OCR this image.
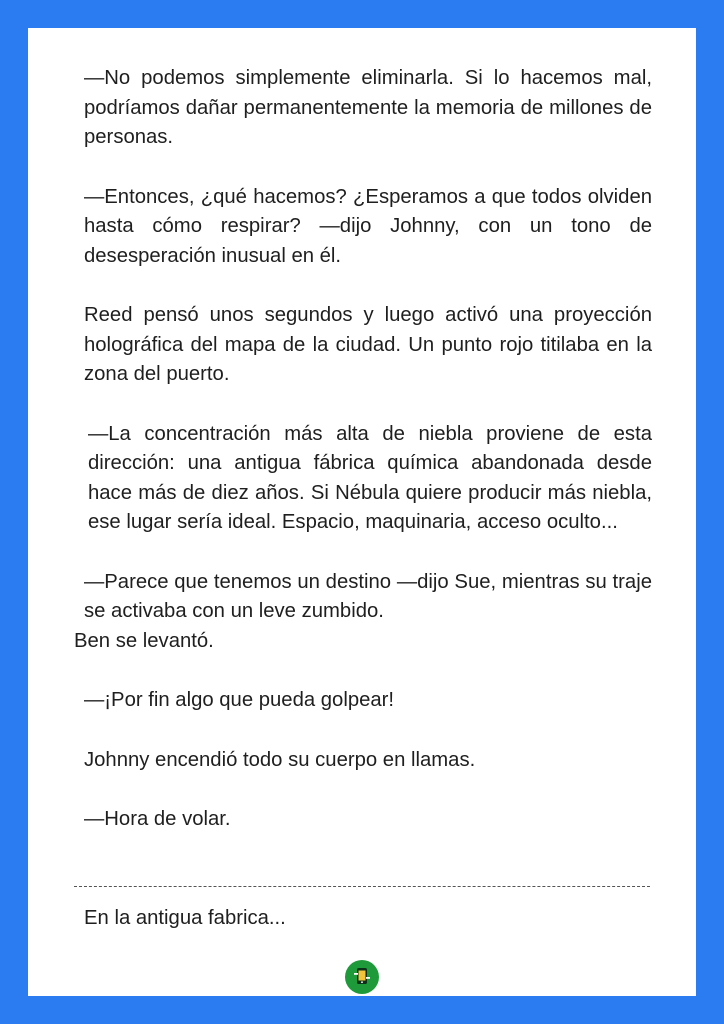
—No podemos simplemente eliminarla. Si lo hacemos mal, podríamos dañar permanentemente la memoria de millones de personas.

—Entonces, ¿qué hacemos? ¿Esperamos a que todos olviden hasta cómo respirar? —dijo Johnny, con un tono de desesperación inusual en él.

Reed pensó unos segundos y luego activó una proyección holográfica del mapa de la ciudad. Un punto rojo titilaba en la zona del puerto.

—La concentración más alta de niebla proviene de esta dirección: una antigua fábrica química abandonada desde hace más de diez años. Si Nébula quiere producir más niebla, ese lugar sería ideal. Espacio, maquinaria, acceso oculto...

—Parece que tenemos un destino —dijo Sue, mientras su traje se activaba con un leve zumbido.

Ben se levantó.

—¡Por fin algo que pueda golpear!

Johnny encendió todo su cuerpo en llamas.

—Hora de volar.

En la antigua fabrica...
